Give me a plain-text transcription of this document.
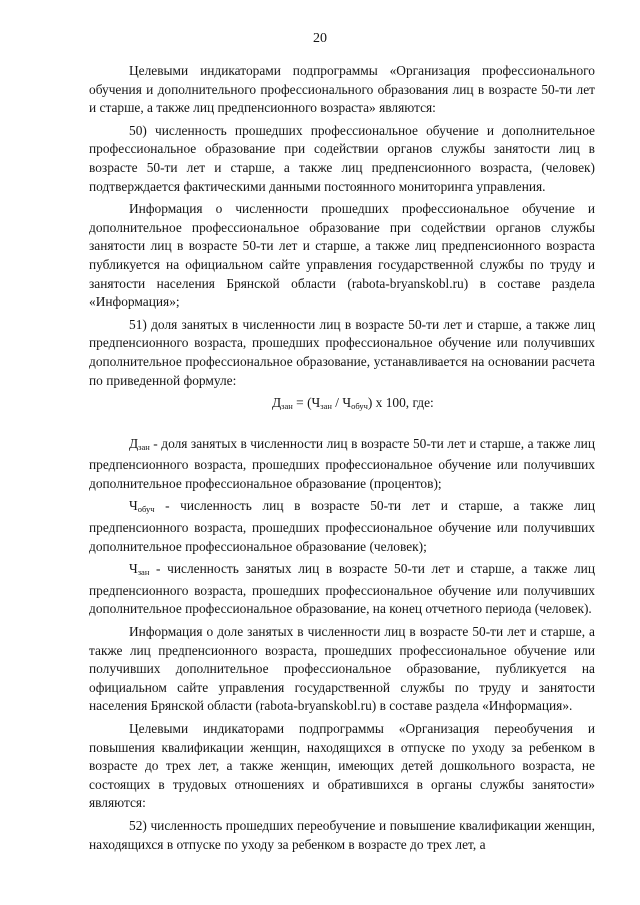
20

Целевыми индикаторами подпрограммы «Организация профессионального обучения и дополнительного профессионального образования лиц в возрасте 50-ти лет и старше, а также лиц предпенсионного возраста» являются:

50) численность прошедших профессиональное обучение и дополнительное профессиональное образование при содействии органов службы занятости лиц в возрасте 50-ти лет и старше, а также лиц предпенсионного возраста, (человек) подтверждается фактическими данными постоянного мониторинга управления.

Информация о численности прошедших профессиональное обучение и дополнительное профессиональное образование при содействии органов службы занятости лиц в возрасте 50-ти лет и старше, а также лиц предпенсионного возраста публикуется на официальном сайте управления государственной службы по труду и занятости населения Брянской области (rabota-bryanskobl.ru) в составе раздела «Информация»;

51) доля занятых в численности лиц в возрасте 50-ти лет и старше, а также лиц предпенсионного возраста, прошедших профессиональное обучение или получивших дополнительное профессиональное образование, устанавливается на основании расчета по приведенной формуле:

$Д_{зан} = (Ч_{зан} / Ч_{обуч})$ х 100, где:

$Д_{зан}$ - доля занятых в численности лиц в возрасте 50-ти лет и старше, а также лиц предпенсионного возраста, прошедших профессиональное обучение или получивших дополнительное профессиональное образование (процентов);

$Ч_{обуч}$ - численность лиц в возрасте 50-ти лет и старше, а также лиц предпенсионного возраста, прошедших профессиональное обучение или получивших дополнительное профессиональное образование (человек);

$Ч_{зан}$ - численность занятых лиц в возрасте 50-ти лет и старше, а также лиц предпенсионного возраста, прошедших профессиональное обучение или получивших дополнительное профессиональное образование, на конец отчетного периода (человек).

Информация о доле занятых в численности лиц в возрасте 50-ти лет и старше, а также лиц предпенсионного возраста, прошедших профессиональное обучение или получивших дополнительное профессиональное образование, публикуется на официальном сайте управления государственной службы по труду и занятости населения Брянской области (rabota-bryanskobl.ru) в составе раздела «Информация».

Целевыми индикаторами подпрограммы «Организация переобучения и повышения квалификации женщин, находящихся в отпуске по уходу за ребенком в возрасте до трех лет, а также женщин, имеющих детей дошкольного возраста, не состоящих в трудовых отношениях и обратившихся в органы службы занятости» являются:

52) численность прошедших переобучение и повышение квалификации женщин, находящихся в отпуске по уходу за ребенком в возрасте до трех лет, а
